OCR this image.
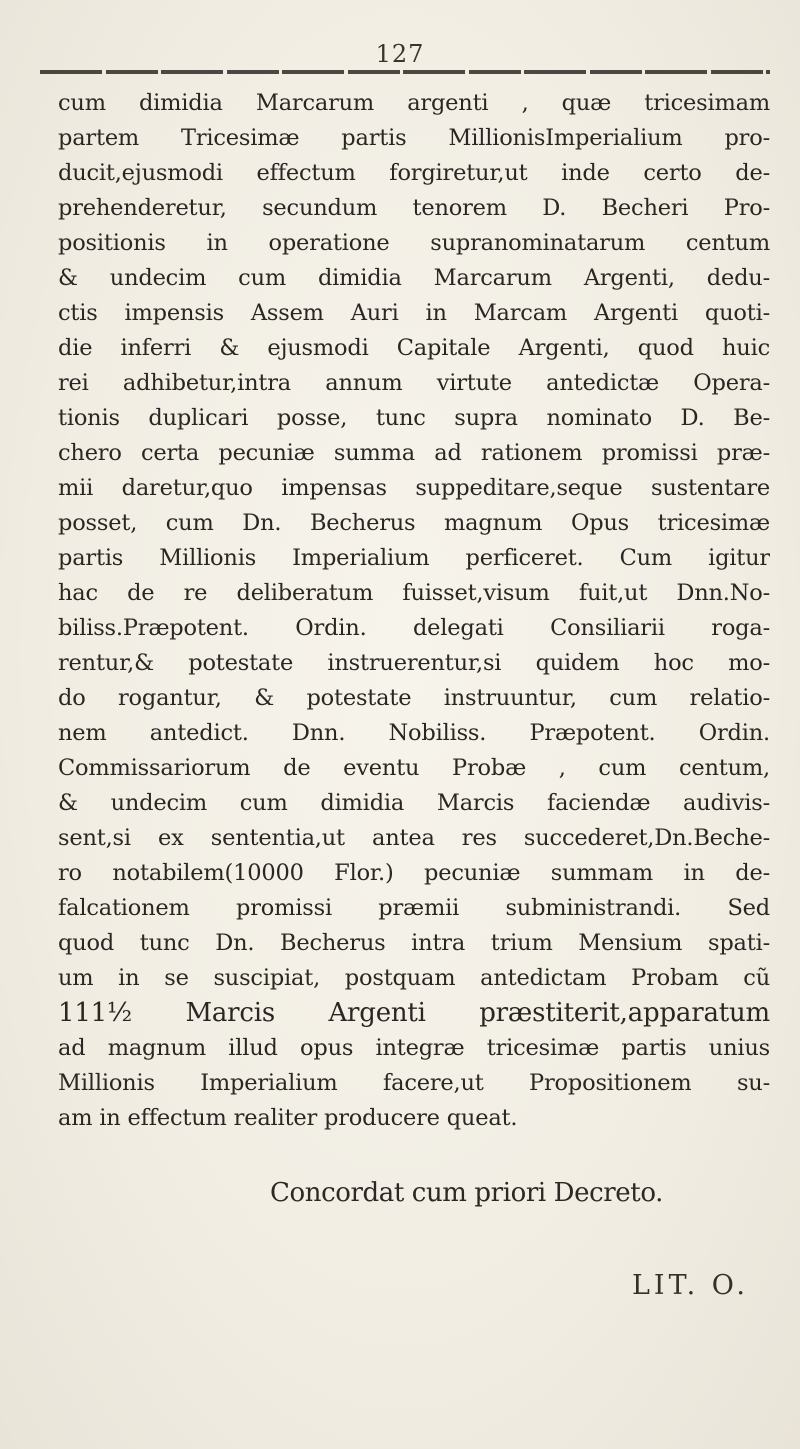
127
cum dimidia Marcarum argenti , quæ tricesimam
partem Tricesimæ partis MillionisImperialium pro-
ducit,ejusmodi effectum forgiretur,ut inde certo de-
prehenderetur, secundum tenorem D. Becheri Pro-
positionis in operatione supranominatarum centum
& undecim cum dimidia Marcarum Argenti, dedu-
ctis impensis Assem Auri in Marcam Argenti quoti-
die inferri & ejusmodi Capitale Argenti, quod huic
rei adhibetur,intra annum virtute antedictæ Opera-
tionis duplicari posse, tunc supra nominato D. Be-
chero certa pecuniæ summa ad rationem promissi præ-
mii daretur,quo impensas suppeditare,seque sustentare
posset, cum Dn. Becherus magnum Opus tricesimæ
partis Millionis Imperialium perficeret. Cum igitur
hac de re deliberatum fuisset,visum fuit,ut Dnn.No-
biliss.Præpotent. Ordin. delegati Consiliarii roga-
rentur,& potestate instruerentur,si quidem hoc mo-
do rogantur, & potestate instruuntur, cum relatio-
nem antedict. Dnn. Nobiliss. Præpotent. Ordin.
Commissariorum de eventu Probæ , cum centum,
& undecim cum dimidia Marcis faciendæ audivis-
sent,si ex sententia,ut antea res succederet,Dn.Beche-
ro notabilem(10000 Flor.) pecuniæ summam in de-
falcationem promissi præmii subministrandi. Sed
quod tunc Dn. Becherus intra trium Mensium spati-
um in se suscipiat, postquam antedictam Probam cũ
111½ Marcis Argenti præstiterit,apparatum
ad magnum illud opus integræ tricesimæ partis unius
Millionis Imperialium facere,ut Propositionem su-
am in effectum realiter producere queat.
Concordat cum priori Decreto.
LIT. O.
